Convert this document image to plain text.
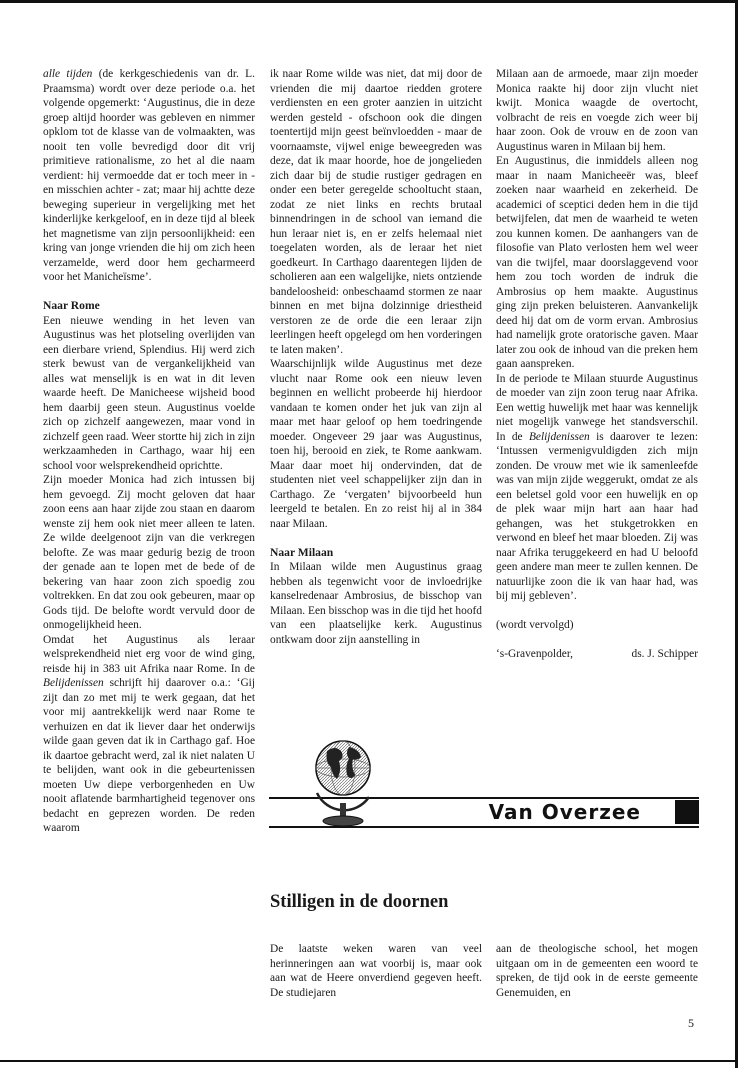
alle tijden (de kerkgeschiedenis van dr. L. Praamsma) wordt over deze periode o.a. het volgende opgemerkt: ‘Augustinus, die in deze groep altijd hoorder was gebleven en nimmer opklom tot de klasse van de volmaakten, was nooit ten volle bevredigd door dit vrij primitieve rationalisme, zo het al die naam verdient: hij vermoedde dat er toch meer in - en misschien achter - zat; maar hij achtte deze beweging superieur in vergelijking met het kinderlijke kerkgeloof, en in deze tijd al bleek het magnetisme van zijn persoonlijkheid: een kring van jonge vrienden die hij om zich heen verzamelde, werd door hem gecharmeerd voor het Manicheïsme’.

Naar Rome

Een nieuwe wending in het leven van Augustinus was het plotseling overlijden van een dierbare vriend, Splendius. Hij werd zich sterk bewust van de vergankelijkheid van alles wat menselijk is en wat in dit leven waarde heeft. De Manicheese wijsheid bood hem daarbij geen steun. Augustinus voelde zich op zichzelf aangewezen, maar vond in zichzelf geen raad. Weer stortte hij zich in zijn werkzaamheden in Carthago, waar hij een school voor welsprekendheid oprichtte.

Zijn moeder Monica had zich intussen bij hem gevoegd. Zij mocht geloven dat haar zoon eens aan haar zijde zou staan en daarom wenste zij hem ook niet meer alleen te laten. Ze wilde deelgenoot zijn van die verkregen belofte. Ze was maar gedurig bezig de troon der genade aan te lopen met de bede of de bekering van haar zoon zich spoedig zou voltrekken. En dat zou ook gebeuren, maar op Gods tijd. De belofte wordt vervuld door de onmogelijkheid heen.

Omdat het Augustinus als leraar welsprekendheid niet erg voor de wind ging, reisde hij in 383 uit Afrika naar Rome. In de Belijdenissen schrijft hij daarover o.a.: ‘Gij zijt dan zo met mij te werk gegaan, dat het voor mij aantrekkelijk werd naar Rome te verhuizen en dat ik liever daar het onderwijs wilde gaan geven dat ik in Carthago gaf. Hoe ik daartoe gebracht werd, zal ik niet nalaten U te belijden, want ook in die gebeurtenissen moeten Uw diepe verborgenheden en Uw nooit aflatende barmhartigheid tegenover ons bedacht en geprezen worden. De reden waarom

ik naar Rome wilde was niet, dat mij door de vrienden die mij daartoe riedden grotere verdiensten en een groter aanzien in uitzicht werden gesteld - ofschoon ook die dingen toentertijd mijn geest beïnvloedden - maar de voornaamste, vijwel enige beweegreden was deze, dat ik maar hoorde, hoe de jongelieden zich daar bij de studie rustiger gedragen en onder een beter geregelde schooltucht staan, zodat ze niet links en rechts brutaal binnendringen in de school van iemand die hun leraar niet is, en er zelfs helemaal niet toegelaten worden, als de leraar het niet goedkeurt. In Carthago daarentegen lijden de scholieren aan een walgelijke, niets ontziende bandeloosheid: onbeschaamd stormen ze naar binnen en met bijna dolzinnige driestheid verstoren ze de orde die een leraar zijn leerlingen heeft opgelegd om hen vorderingen te laten maken’.

Waarschijnlijk wilde Augustinus met deze vlucht naar Rome ook een nieuw leven beginnen en wellicht probeerde hij hierdoor vandaan te komen onder het juk van zijn al maar met haar geloof op hem toedringende moeder. Ongeveer 29 jaar was Augustinus, toen hij, berooid en ziek, te Rome aankwam. Maar daar moet hij ondervinden, dat de studenten niet veel schappelijker zijn dan in Carthago. Ze ‘vergaten’ bijvoorbeeld hun leergeld te betalen. En zo reist hij al in 384 naar Milaan.

Naar Milaan

In Milaan wilde men Augustinus graag hebben als tegenwicht voor de invloedrijke kanselredenaar Ambrosius, de bisschop van Milaan. Een bisschop was in die tijd het hoofd van een plaatselijke kerk. Augustinus ontkwam door zijn aanstelling in

Milaan aan de armoede, maar zijn moeder Monica raakte hij door zijn vlucht niet kwijt. Monica waagde de overtocht, volbracht de reis en voegde zich weer bij haar zoon. Ook de vrouw en de zoon van Augustinus waren in Milaan bij hem.

En Augustinus, die inmiddels alleen nog maar in naam Manicheeër was, bleef zoeken naar waarheid en zekerheid. De academici of sceptici deden hem in die tijd betwijfelen, dat men de waarheid te weten zou kunnen komen. De aanhangers van de filosofie van Plato verlosten hem wel weer van die twijfel, maar doorslaggevend voor hem zou toch worden de indruk die Ambrosius op hem maakte. Augustinus ging zijn preken beluisteren. Aanvankelijk deed hij dat om de vorm ervan. Ambrosius had namelijk grote oratorische gaven. Maar later zou ook de inhoud van die preken hem gaan aanspreken.

In de periode te Milaan stuurde Augustinus de moeder van zijn zoon terug naar Afrika. Een wettig huwelijk met haar was kennelijk niet mogelijk vanwege het standsverschil. In de Belijdenissen is daarover te lezen: ‘Intussen vermenigvuldigden zich mijn zonden. De vrouw met wie ik samenleefde was van mijn zijde weggerukt, omdat ze als een beletsel gold voor een huwelijk en op de plek waar mijn hart aan haar had gehangen, was het stukgetrokken en verwond en bleef het maar bloeden. Zij was naar Afrika teruggekeerd en had U beloofd geen andere man meer te zullen kennen. De natuurlijke zoon die ik van haar had, was bij mij gebleven’.

(wordt vervolgd)

‘s-Gravenpolder,	ds. J. Schipper
Van Overzee
Stilligen in de doornen

De laatste weken waren van veel herinneringen aan wat voorbij is, maar ook aan wat de Heere onverdiend gegeven heeft. De studiejaren

aan de theologische school, het mogen uitgaan om in de gemeenten een woord te spreken, de tijd ook in de eerste gemeente Genemuiden, en

5
